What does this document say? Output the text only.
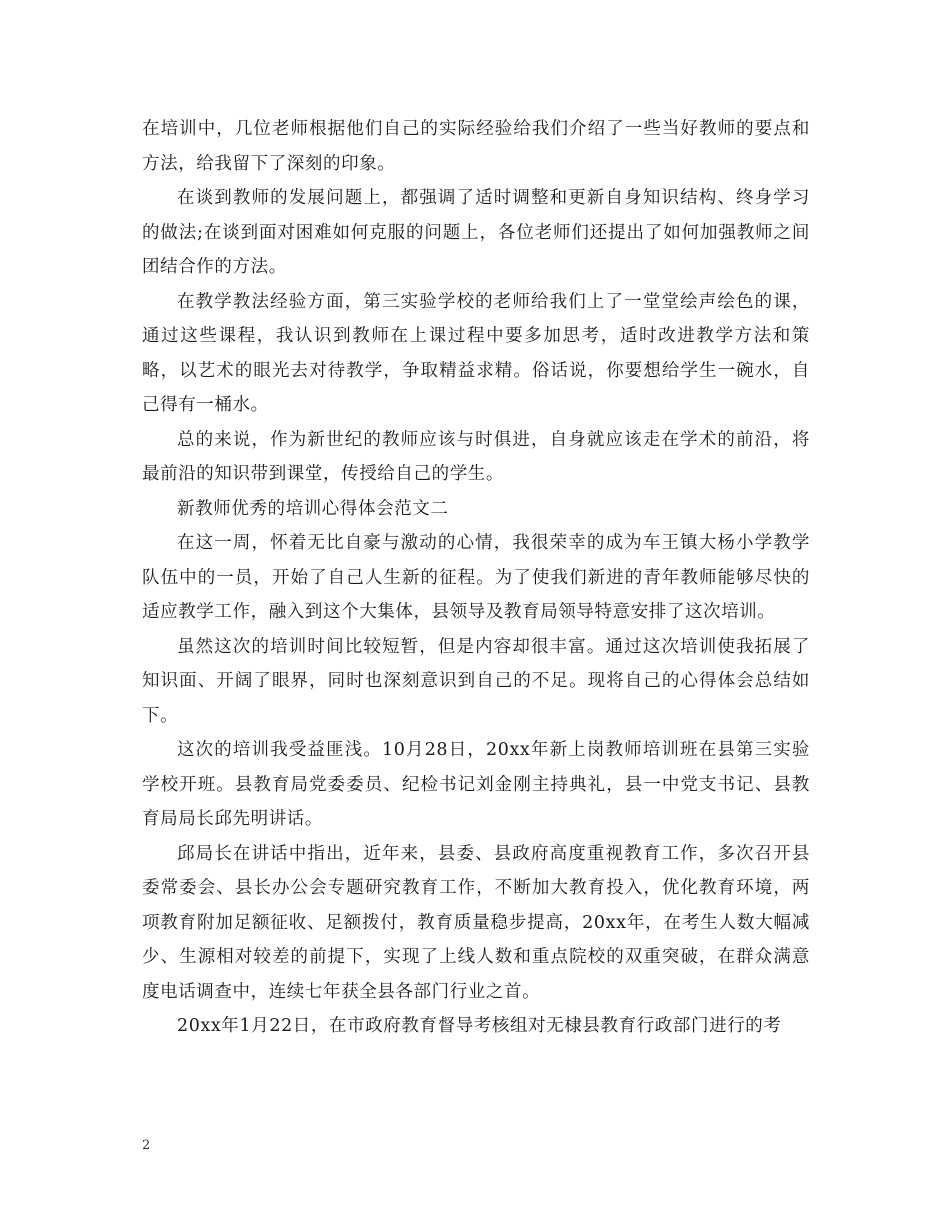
在培训中，几位老师根据他们自己的实际经验给我们介绍了一些当好教师的要点和方法，给我留下了深刻的印象。

在谈到教师的发展问题上，都强调了适时调整和更新自身知识结构、终身学习的做法;在谈到面对困难如何克服的问题上，各位老师们还提出了如何加强教师之间团结合作的方法。

在教学教法经验方面，第三实验学校的老师给我们上了一堂堂绘声绘色的课，通过这些课程，我认识到教师在上课过程中要多加思考，适时改进教学方法和策略，以艺术的眼光去对待教学，争取精益求精。俗话说，你要想给学生一碗水，自己得有一桶水。

总的来说，作为新世纪的教师应该与时俱进，自身就应该走在学术的前沿，将最前沿的知识带到课堂，传授给自己的学生。

新教师优秀的培训心得体会范文二

在这一周，怀着无比自豪与激动的心情，我很荣幸的成为车王镇大杨小学教学队伍中的一员，开始了自己人生新的征程。为了使我们新进的青年教师能够尽快的适应教学工作，融入到这个大集体，县领导及教育局领导特意安排了这次培训。

虽然这次的培训时间比较短暂，但是内容却很丰富。通过这次培训使我拓展了知识面、开阔了眼界，同时也深刻意识到自己的不足。现将自己的心得体会总结如下。

这次的培训我受益匪浅。10月28日，20xx年新上岗教师培训班在县第三实验学校开班。县教育局党委委员、纪检书记刘金刚主持典礼，县一中党支书记、县教育局局长邱先明讲话。

邱局长在讲话中指出，近年来，县委、县政府高度重视教育工作，多次召开县委常委会、县长办公会专题研究教育工作，不断加大教育投入，优化教育环境，两项教育附加足额征收、足额拨付，教育质量稳步提高，20xx年，在考生人数大幅减少、生源相对较差的前提下，实现了上线人数和重点院校的双重突破，在群众满意度电话调查中，连续七年获全县各部门行业之首。

20xx年1月22日，在市政府教育督导考核组对无棣县教育行政部门进行的考

2
